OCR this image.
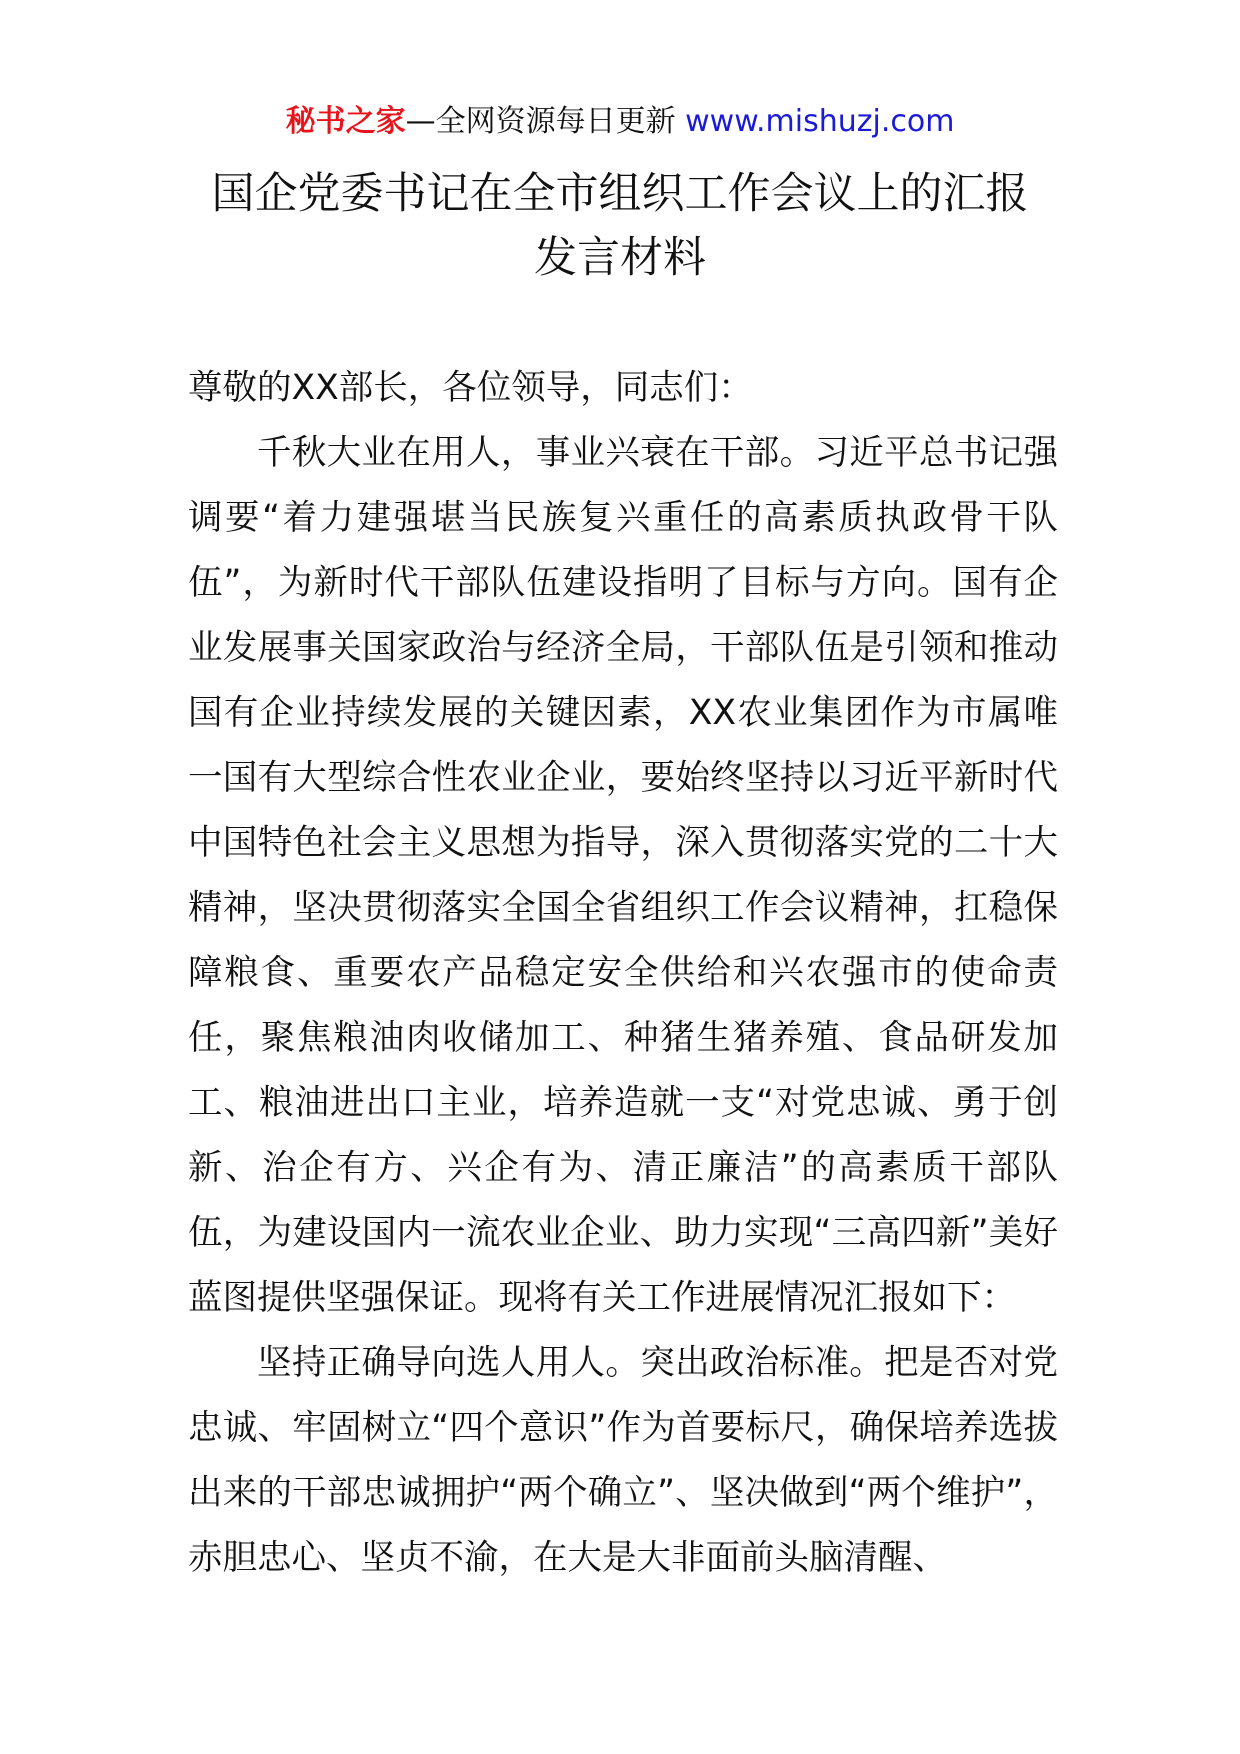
秘书之家—全网资源每日更新 www.mishuzj.com
国企党委书记在全市组织工作会议上的汇报
发言材料

尊敬的XX部长，各位领导，同志们：

千秋大业在用人，事业兴衰在干部。习近平总书记强调要“着力建强堪当民族复兴重任的高素质执政骨干队伍”，为新时代干部队伍建设指明了目标与方向。国有企业发展事关国家政治与经济全局，干部队伍是引领和推动国有企业持续发展的关键因素，XX农业集团作为市属唯一国有大型综合性农业企业，要始终坚持以习近平新时代中国特色社会主义思想为指导，深入贯彻落实党的二十大精神，坚决贯彻落实全国全省组织工作会议精神，扛稳保障粮食、重要农产品稳定安全供给和兴农强市的使命责任，聚焦粮油肉收储加工、种猪生猪养殖、食品研发加工、粮油进出口主业，培养造就一支“对党忠诚、勇于创新、治企有方、兴企有为、清正廉洁”的高素质干部队伍，为建设国内一流农业企业、助力实现“三高四新”美好蓝图提供坚强保证。现将有关工作进展情况汇报如下：

坚持正确导向选人用人。突出政治标准。把是否对党忠诚、牢固树立“四个意识”作为首要标尺，确保培养选拔出来的干部忠诚拥护“两个确立”、坚决做到“两个维护”，赤胆忠心、坚贞不渝，在大是大非面前头脑清醒、
